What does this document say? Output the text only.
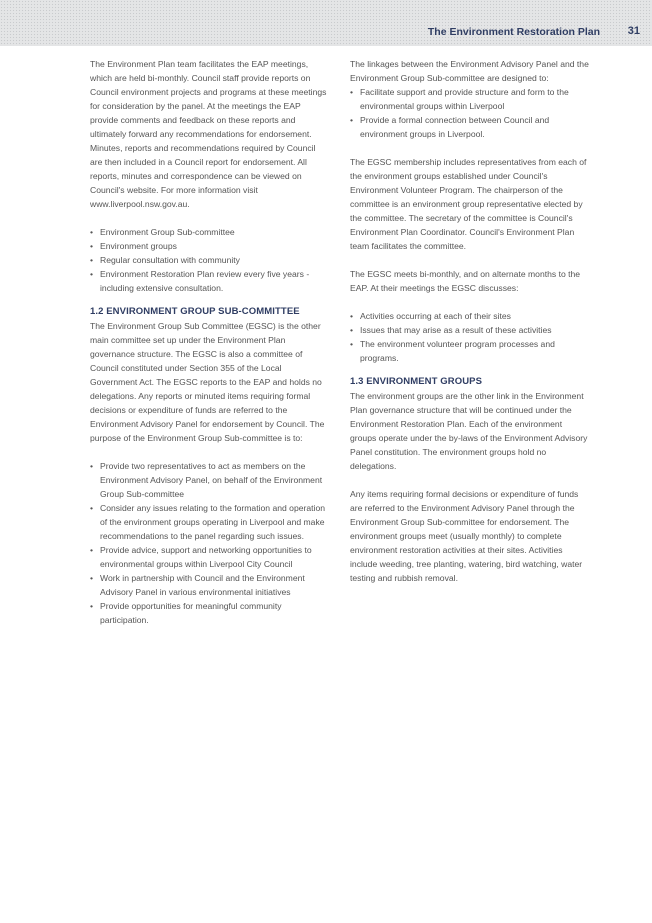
The Environment Restoration Plan	31

The Environment Plan team facilitates the EAP meetings, which are held bi-monthly. Council staff provide reports on Council environment projects and programs at these meetings for consideration by the panel. At the meetings the EAP provide comments and feedback on these reports and ultimately forward any recommendations for endorsement. Minutes, reports and recommendations required by Council are then included in a Council report for endorsement. All reports, minutes and correspondence can be viewed on Council's website. For more information visit www.liverpool.nsw.gov.au.

• Environment Group Sub-committee
• Environment groups
• Regular consultation with community
• Environment Restoration Plan review every five years - including extensive consultation.
1.2 ENVIRONMENT GROUP SUB-COMMITTEE

The Environment Group Sub Committee (EGSC) is the other main committee set up under the Environment Plan governance structure. The EGSC is also a committee of Council constituted under Section 355 of the Local Government Act. The EGSC reports to the EAP and holds no delegations. Any reports or minuted items requiring formal decisions or expenditure of funds are referred to the Environment Advisory Panel for endorsement by Council. The purpose of the Environment Group Sub-committee is to:

• Provide two representatives to act as members on the Environment Advisory Panel, on behalf of the Environment Group Sub-committee
• Consider any issues relating to the formation and operation of the environment groups operating in Liverpool and make recommendations to the panel regarding such issues.
• Provide advice, support and networking opportunities to environmental groups within Liverpool City Council
• Work in partnership with Council and the Environment Advisory Panel in various environmental initiatives
• Provide opportunities for meaningful community participation.

The linkages between the Environment Advisory Panel and the Environment Group Sub-committee are designed to:

• Facilitate support and provide structure and form to the environmental groups within Liverpool
• Provide a formal connection between Council and environment groups in Liverpool.

The EGSC membership includes representatives from each of the environment groups established under Council's Environment Volunteer Program. The chairperson of the committee is an environment group representative elected by the committee. The secretary of the committee is Council's Environment Plan Coordinator. Council's Environment Plan team facilitates the committee.

The EGSC meets bi-monthly, and on alternate months to the EAP. At their meetings the EGSC discusses:

• Activities occurring at each of their sites
• Issues that may arise as a result of these activities
• The environment volunteer program processes and programs.
1.3 ENVIRONMENT GROUPS

The environment groups are the other link in the Environment Plan governance structure that will be continued under the Environment Restoration Plan. Each of the environment groups operate under the by-laws of the Environment Advisory Panel constitution. The environment groups hold no delegations.

Any items requiring formal decisions or expenditure of funds are referred to the Environment Advisory Panel through the Environment Group Sub-committee for endorsement. The environment groups meet (usually monthly) to complete environment restoration activities at their sites. Activities include weeding, tree planting, watering, bird watching, water testing and rubbish removal.
